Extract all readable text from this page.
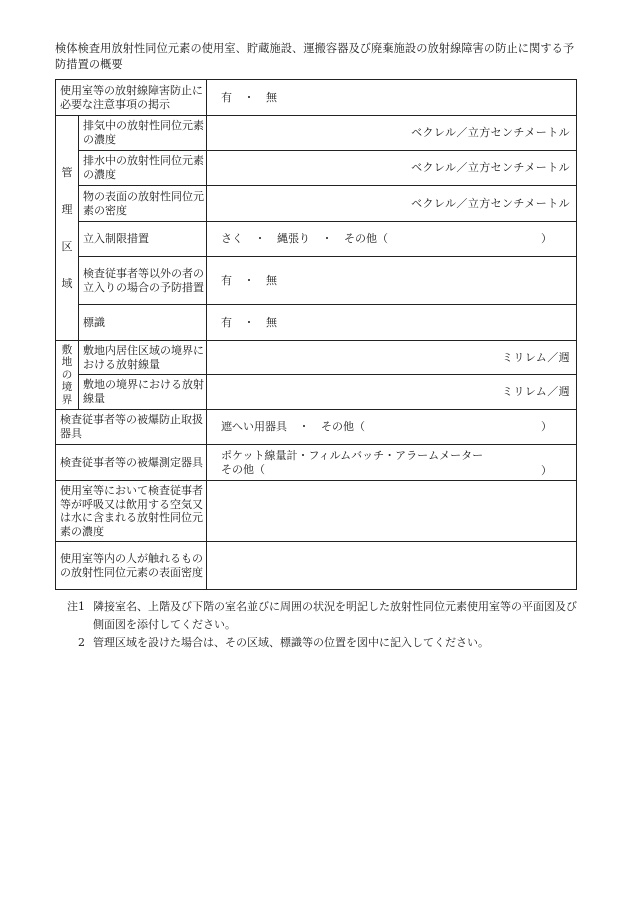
検体検査用放射性同位元素の使用室、貯蔵施設、運搬容器及び廃棄施設の放射線障害の防止に関する予防措置の概要
使用室等の放射線障害防止に必要な注意事項の掲示		有 ・ 無

管
理
区
域	排気中の放射性同位元素の濃度	ベクレル／立方センチメートル

	排水中の放射性同位元素の濃度	ベクレル／立方センチメートル

	物の表面の放射性同位元素の密度	ベクレル／立方センチメートル

	立入制限措置	さく ・ 縄張り ・ その他（ ）

	検査従事者等以外の者の立入りの場合の予防措置	有 ・ 無
	標識	有 ・ 無

敷
地
の
境
界	敷地内居住区域の境界における放射線量	ミリレム／週

	敷地の境界における放射線量	ミリレム／週

検査従事者等の被爆防止取扱器具		遮へい用器具 ・ その他（ ）

検査従事者等の被爆測定器具		ポケット線量計・フィルムバッチ・アラームメーター
その他（ ）

使用室等において検査従事者等が呼吸又は飲用する空気又は水に含まれる放射性同位元素の濃度		
使用室等内の人が触れるものの放射性同位元素の表面密度		
注1 隣接室名、上階及び下階の室名並びに周囲の状況を明記した放射性同位元素使用室等の平面図及び側面図を添付してください。
2 管理区域を設けた場合は、その区域、標識等の位置を図中に記入してください。
